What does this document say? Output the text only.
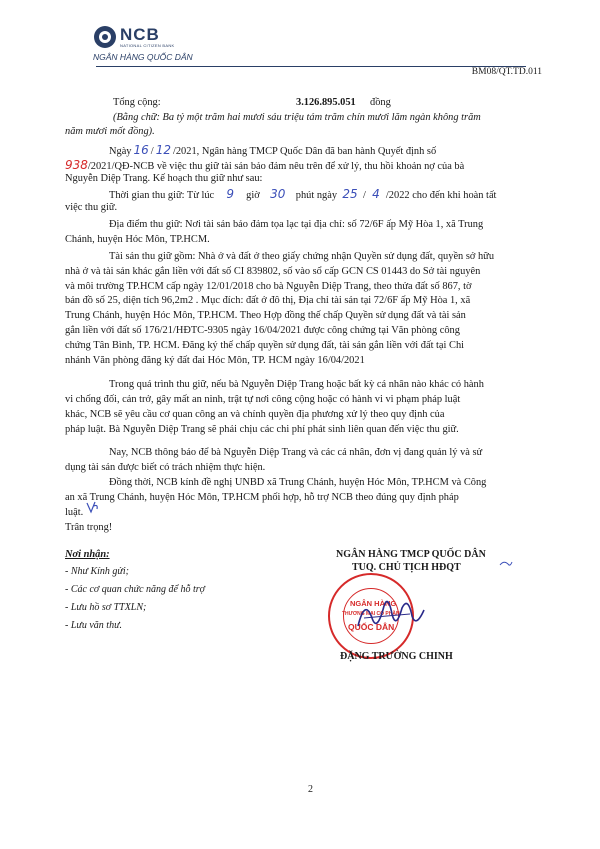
NCB
NATIONAL CITIZEN BANK
NGÂN HÀNG QUỐC DÂN
BM08/QT.TD.011
Tổng cộng:	3.126.895.051 đồng
(Bằng chữ: Ba tỷ một trăm hai mươi sáu triệu tám trăm chín mươi lăm ngàn không trăm
năm mươi mốt đồng).
Ngày 16 / 12 /2021, Ngân hàng TMCP Quốc Dân đã ban hành Quyết định số
938/2021/QĐ-NCB về việc thu giữ tài sản bảo đảm nêu trên để xử lý, thu hồi khoản nợ của bà
Nguyễn Diệp Trang. Kế hoạch thu giữ như sau:
Thời gian thu giữ: Từ lúc 9 giờ 30 phút ngày 25 / 4 /2022 cho đến khi hoàn tất
việc thu giữ.
Địa điểm thu giữ: Nơi tài sản bảo đảm tọa lạc tại địa chỉ: số 72/6F ấp Mỹ Hòa 1, xã Trung
Chánh, huyện Hóc Môn, TP.HCM.
Tài sản thu giữ gồm: Nhà ở và đất ở theo giấy chứng nhận Quyền sử dụng đất, quyền sở hữu
nhà ở và tài sản khác gắn liền với đất số CI 839802, số vào sổ cấp GCN CS 01443 do Sở tài nguyên
và môi trường TP.HCM cấp ngày 12/01/2018 cho bà Nguyễn Diệp Trang, theo thửa đất số 867, tờ
bản đồ số 25, diện tích 96,2m2 . Mục đích: đất ở đô thị, Địa chỉ tài sản tại 72/6F ấp Mỹ Hòa 1, xã
Trung Chánh, huyện Hóc Môn, TP.HCM. Theo Hợp đồng thế chấp Quyền sử dụng đất và tài sản
gắn liền với đất số 176/21/HĐTC-9305 ngày 16/04/2021 được công chứng tại Văn phòng công
chứng Tân Bình, TP. HCM. Đăng ký thế chấp quyền sử dụng đất, tài sản gắn liền với đất tại Chi
nhánh Văn phòng đăng ký đất đai Hóc Môn, TP. HCM ngày 16/04/2021
Trong quá trình thu giữ, nếu bà Nguyễn Diệp Trang hoặc bất kỳ cá nhân nào khác có hành
vi chống đối, cản trở, gây mất an ninh, trật tự nơi công cộng hoặc có hành vi vi phạm pháp luật
khác, NCB sẽ yêu cầu cơ quan công an và chính quyền địa phương xử lý theo quy định của
pháp luật. Bà Nguyễn Diệp Trang sẽ phải chịu các chi phí phát sinh liên quan đến việc thu giữ.
Nay, NCB thông báo để bà Nguyễn Diệp Trang và các cá nhân, đơn vị đang quản lý và sử
dụng tài sản được biết có trách nhiệm thực hiện.
Đồng thời, NCB kính đề nghị UNBD xã Trung Chánh, huyện Hóc Môn, TP.HCM và Công
an xã Trung Chánh, huyện Hóc Môn, TP.HCM phối hợp, hỗ trợ NCB theo đúng quy định pháp
luật.
Trân trọng!
Nơi nhận:
- Như Kính gửi;
- Các cơ quan chức năng để hỗ trợ
- Lưu hồ sơ TTXLN;
- Lưu văn thư.
NGÂN HÀNG TMCP QUỐC DÂN
TUQ. CHỦ TỊCH HĐQT
NGÂN HÀNG
THƯƠNG MẠI CỔ PHẦN
QUỐC DÂN
ĐẶNG TRƯỜNG CHINH
2
